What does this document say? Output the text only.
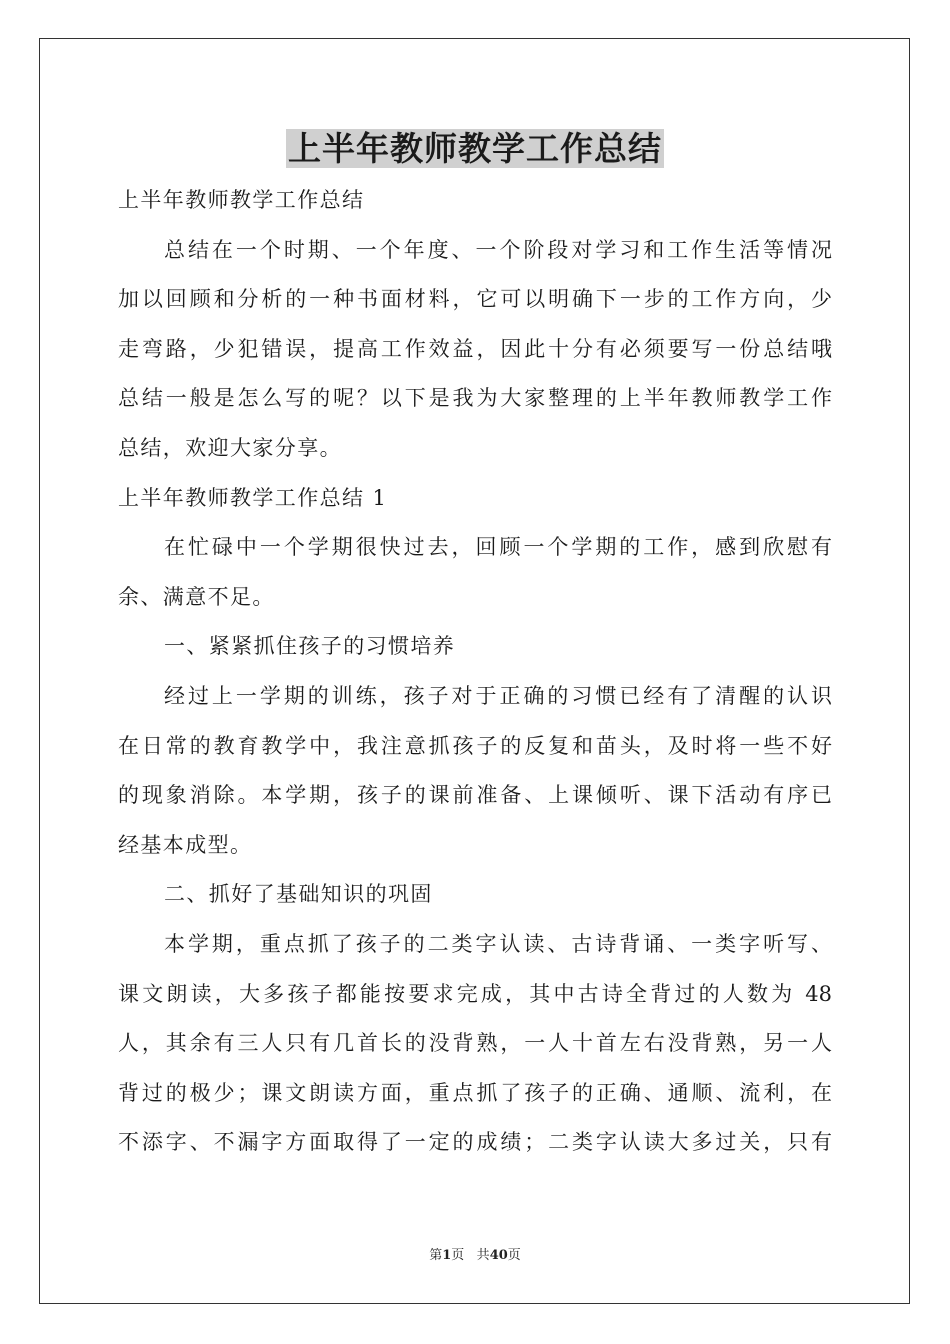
上半年教师教学工作总结
上半年教师教学工作总结
总结在一个时期、一个年度、一个阶段对学习和工作生活等情况
加以回顾和分析的一种书面材料，它可以明确下一步的工作方向，少
走弯路，少犯错误，提高工作效益，因此十分有必须要写一份总结哦
总结一般是怎么写的呢？以下是我为大家整理的上半年教师教学工作
总结，欢迎大家分享。
上半年教师教学工作总结 1
在忙碌中一个学期很快过去，回顾一个学期的工作，感到欣慰有
余、满意不足。
一、紧紧抓住孩子的习惯培养
经过上一学期的训练，孩子对于正确的习惯已经有了清醒的认识
在日常的教育教学中，我注意抓孩子的反复和苗头，及时将一些不好
的现象消除。本学期，孩子的课前准备、上课倾听、课下活动有序已
经基本成型。
二、抓好了基础知识的巩固
本学期，重点抓了孩子的二类字认读、古诗背诵、一类字听写、
课文朗读，大多孩子都能按要求完成，其中古诗全背过的人数为 48
人，其余有三人只有几首长的没背熟，一人十首左右没背熟，另一人
背过的极少；课文朗读方面，重点抓了孩子的正确、通顺、流利，在
不添字、不漏字方面取得了一定的成绩；二类字认读大多过关，只有
第1页 共40页
